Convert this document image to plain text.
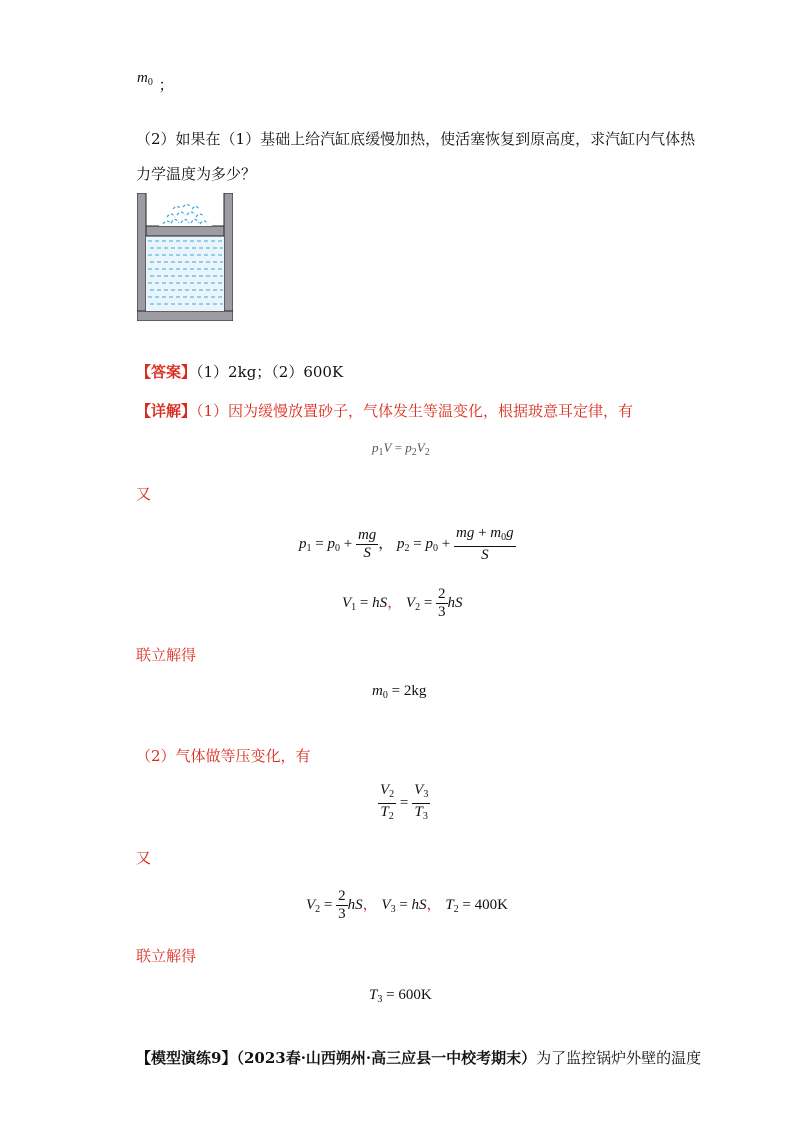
$m_0$ ；
（2）如果在（1）基础上给汽缸底缓慢加热，使活塞恢复到原高度，求汽缸内气体热
力学温度为多少？
【答案】（1）2kg；（2）600K
【详解】（1）因为缓慢放置砂子，气体发生等温变化，根据玻意耳定律，有
$p_1V = p_2V_2$
又
$p_1 = p_0 + \frac{mg}{S}$ ， $p_2 = p_0 + \frac{mg + m_0g}{S}$
$V_1$ = hS， $V_2 = \frac{2}{3}$ hS
联立解得
$m_0 = 2kg$
（2）气体做等压变化，有
$\frac{V_2}{T_2} = \frac{V_3}{T_3}$
又
$V_2 = \frac{2}{3}$ hS， $V_3$ = hS， $T_2 = 400K$
联立解得
$T_3 = 600K$
【模型演练9】（2023春·山西朔州·高三应县一中校考期末）为了监控锅炉外壁的温度
